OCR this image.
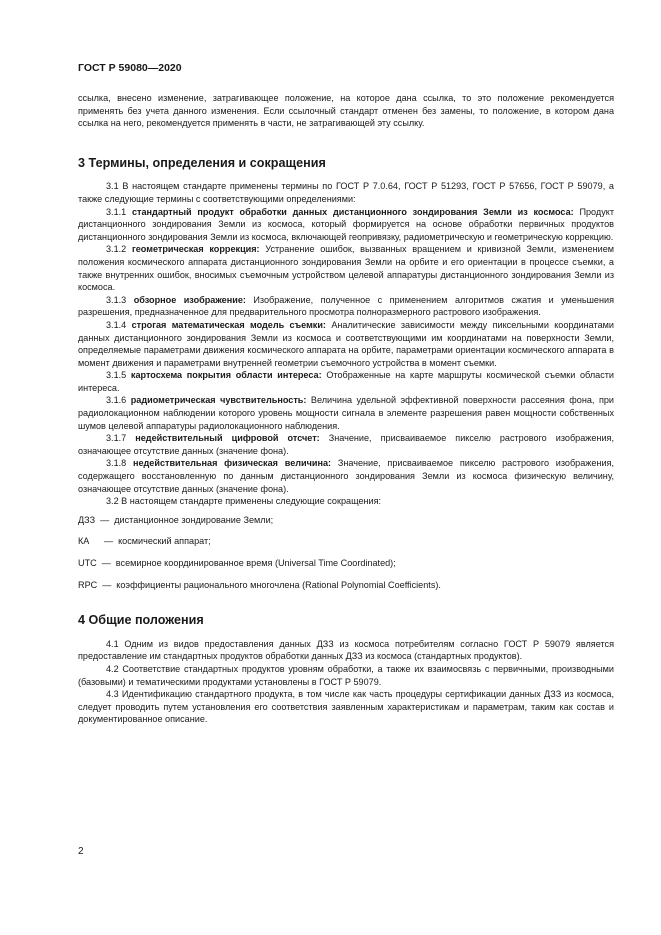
ГОСТ Р 59080—2020

ссылка, внесено изменение, затрагивающее положение, на которое дана ссылка, то это положение рекомендуется применять без учета данного изменения. Если ссылочный стандарт отменен без замены, то положение, в котором дана ссылка на него, рекомендуется применять в части, не затрагивающей эту ссылку.

3 Термины, определения и сокращения

3.1 В настоящем стандарте применены термины по ГОСТ Р 7.0.64, ГОСТ Р 51293, ГОСТ Р 57656, ГОСТ Р 59079, а также следующие термины с соответствующими определениями:

3.1.1 стандартный продукт обработки данных дистанционного зондирования Земли из космоса: Продукт дистанционного зондирования Земли из космоса, который формируется на основе обработки первичных продуктов дистанционного зондирования Земли из космоса, включающей геопривязку, радиометрическую и геометрическую коррекцию.

3.1.2 геометрическая коррекция: Устранение ошибок, вызванных вращением и кривизной Земли, изменением положения космического аппарата дистанционного зондирования Земли на орбите и его ориентации в процессе съемки, а также внутренних ошибок, вносимых съемочным устройством целевой аппаратуры дистанционного зондирования Земли из космоса.

3.1.3 обзорное изображение: Изображение, полученное с применением алгоритмов сжатия и уменьшения разрешения, предназначенное для предварительного просмотра полноразмерного растрового изображения.

3.1.4 строгая математическая модель съемки: Аналитические зависимости между пиксельными координатами данных дистанционного зондирования Земли из космоса и соответствующими им координатами на поверхности Земли, определяемые параметрами движения космического аппарата на орбите, параметрами ориентации космического аппарата в момент движения и параметрами внутренней геометрии съемочного устройства в момент съемки.

3.1.5 картосхема покрытия области интереса: Отображенные на карте маршруты космической съемки области интереса.

3.1.6 радиометрическая чувствительность: Величина удельной эффективной поверхности рассеяния фона, при радиолокационном наблюдении которого уровень мощности сигнала в элементе разрешения равен мощности собственных шумов целевой аппаратуры радиолокационного наблюдения.

3.1.7 недействительный цифровой отсчет: Значение, присваиваемое пикселю растрового изображения, означающее отсутствие данных (значение фона).

3.1.8 недействительная физическая величина: Значение, присваиваемое пикселю растрового изображения, содержащего восстановленную по данным дистанционного зондирования Земли из космоса физическую величину, означающее отсутствие данных (значение фона).

3.2 В настоящем стандарте применены следующие сокращения:

ДЗЗ — дистанционное зондирование Земли;
КА	— космический аппарат;
UTC — всемирное координированное время (Universal Time Coordinated);
RPC — коэффициенты рационального многочлена (Rational Polynomial Coefficients).
4 Общие положения

4.1 Одним из видов предоставления данных ДЗЗ из космоса потребителям согласно ГОСТ Р 59079 является предоставление им стандартных продуктов обработки данных ДЗЗ из космоса (стандартных продуктов).

4.2 Соответствие стандартных продуктов уровням обработки, а также их взаимосвязь с первичными, производными (базовыми) и тематическими продуктами установлены в ГОСТ Р 59079.

4.3 Идентификацию стандартного продукта, в том числе как часть процедуры сертификации данных ДЗЗ из космоса, следует проводить путем установления его соответствия заявленным характеристикам и параметрам, таким как состав и документированное описание.

2
